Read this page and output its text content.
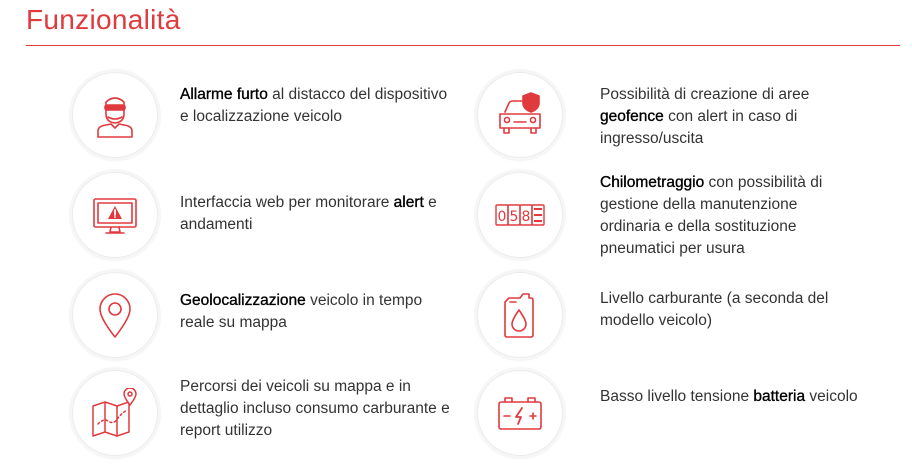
Funzionalità
Allarme furto al distacco del dispositivo e localizzazione veicolo
Possibilità di creazione di aree geofence con alert in caso di ingresso/uscita
Interfaccia web per monitorare alert e andamenti	0 5 8
Chilometraggio con possibilità di gestione della manutenzione ordinaria e della sostituzione pneumatici per usura
Geolocalizzazione veicolo in tempo reale su mappa
Livello carburante (a seconda del modello veicolo)
Percorsi dei veicoli su mappa e in dettaglio incluso consumo carburante e report utilizzo
Basso livello tensione batteria veicolo
